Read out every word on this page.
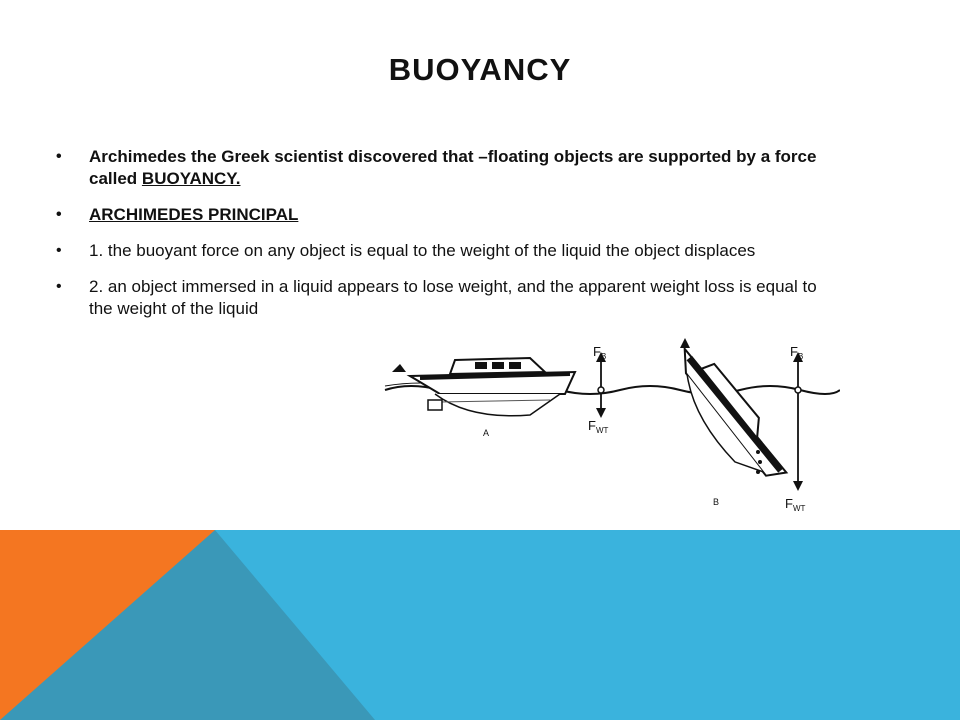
BUOYANCY
• Archimedes the Greek scientist discovered that –floating objects are supported by a force called BUOYANCY.
• ARCHIMEDES PRINCIPAL
• 1. the buoyant force on any object is equal to the weight of the liquid the object displaces
• 2. an object immersed in a liquid appears to lose weight, and the apparent weight loss is equal to the weight of the liquid
A
$F_B$
$F_{WT}$
B
$F_B$
$F_{WT}$
